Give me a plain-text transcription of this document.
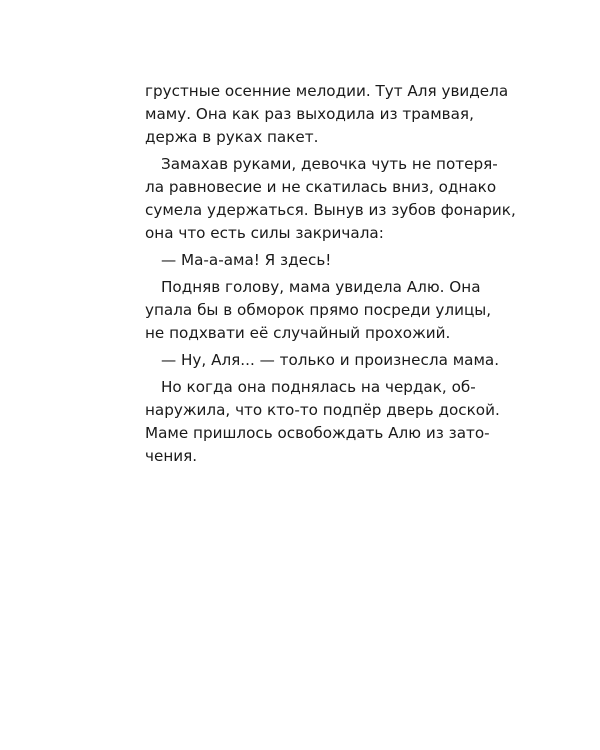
грустные осенние мелодии. Тут Аля увидела
маму. Она как раз выходила из трамвая,
держа в руках пакет.
Замахав руками, девочка чуть не потеря-
ла равновесие и не скатилась вниз, однако
сумела удержаться. Вынув из зубов фонарик,
она что есть силы закричала:
— Ма-а-ама! Я здесь!
Подняв голову, мама увидела Алю. Она
упала бы в обморок прямо посреди улицы,
не подхвати её случайный прохожий.
— Ну, Аля... — только и произнесла мама.
Но когда она поднялась на чердак, об-
наружила, что кто-то подпёр дверь доской.
Маме пришлось освобождать Алю из зато-
чения.
